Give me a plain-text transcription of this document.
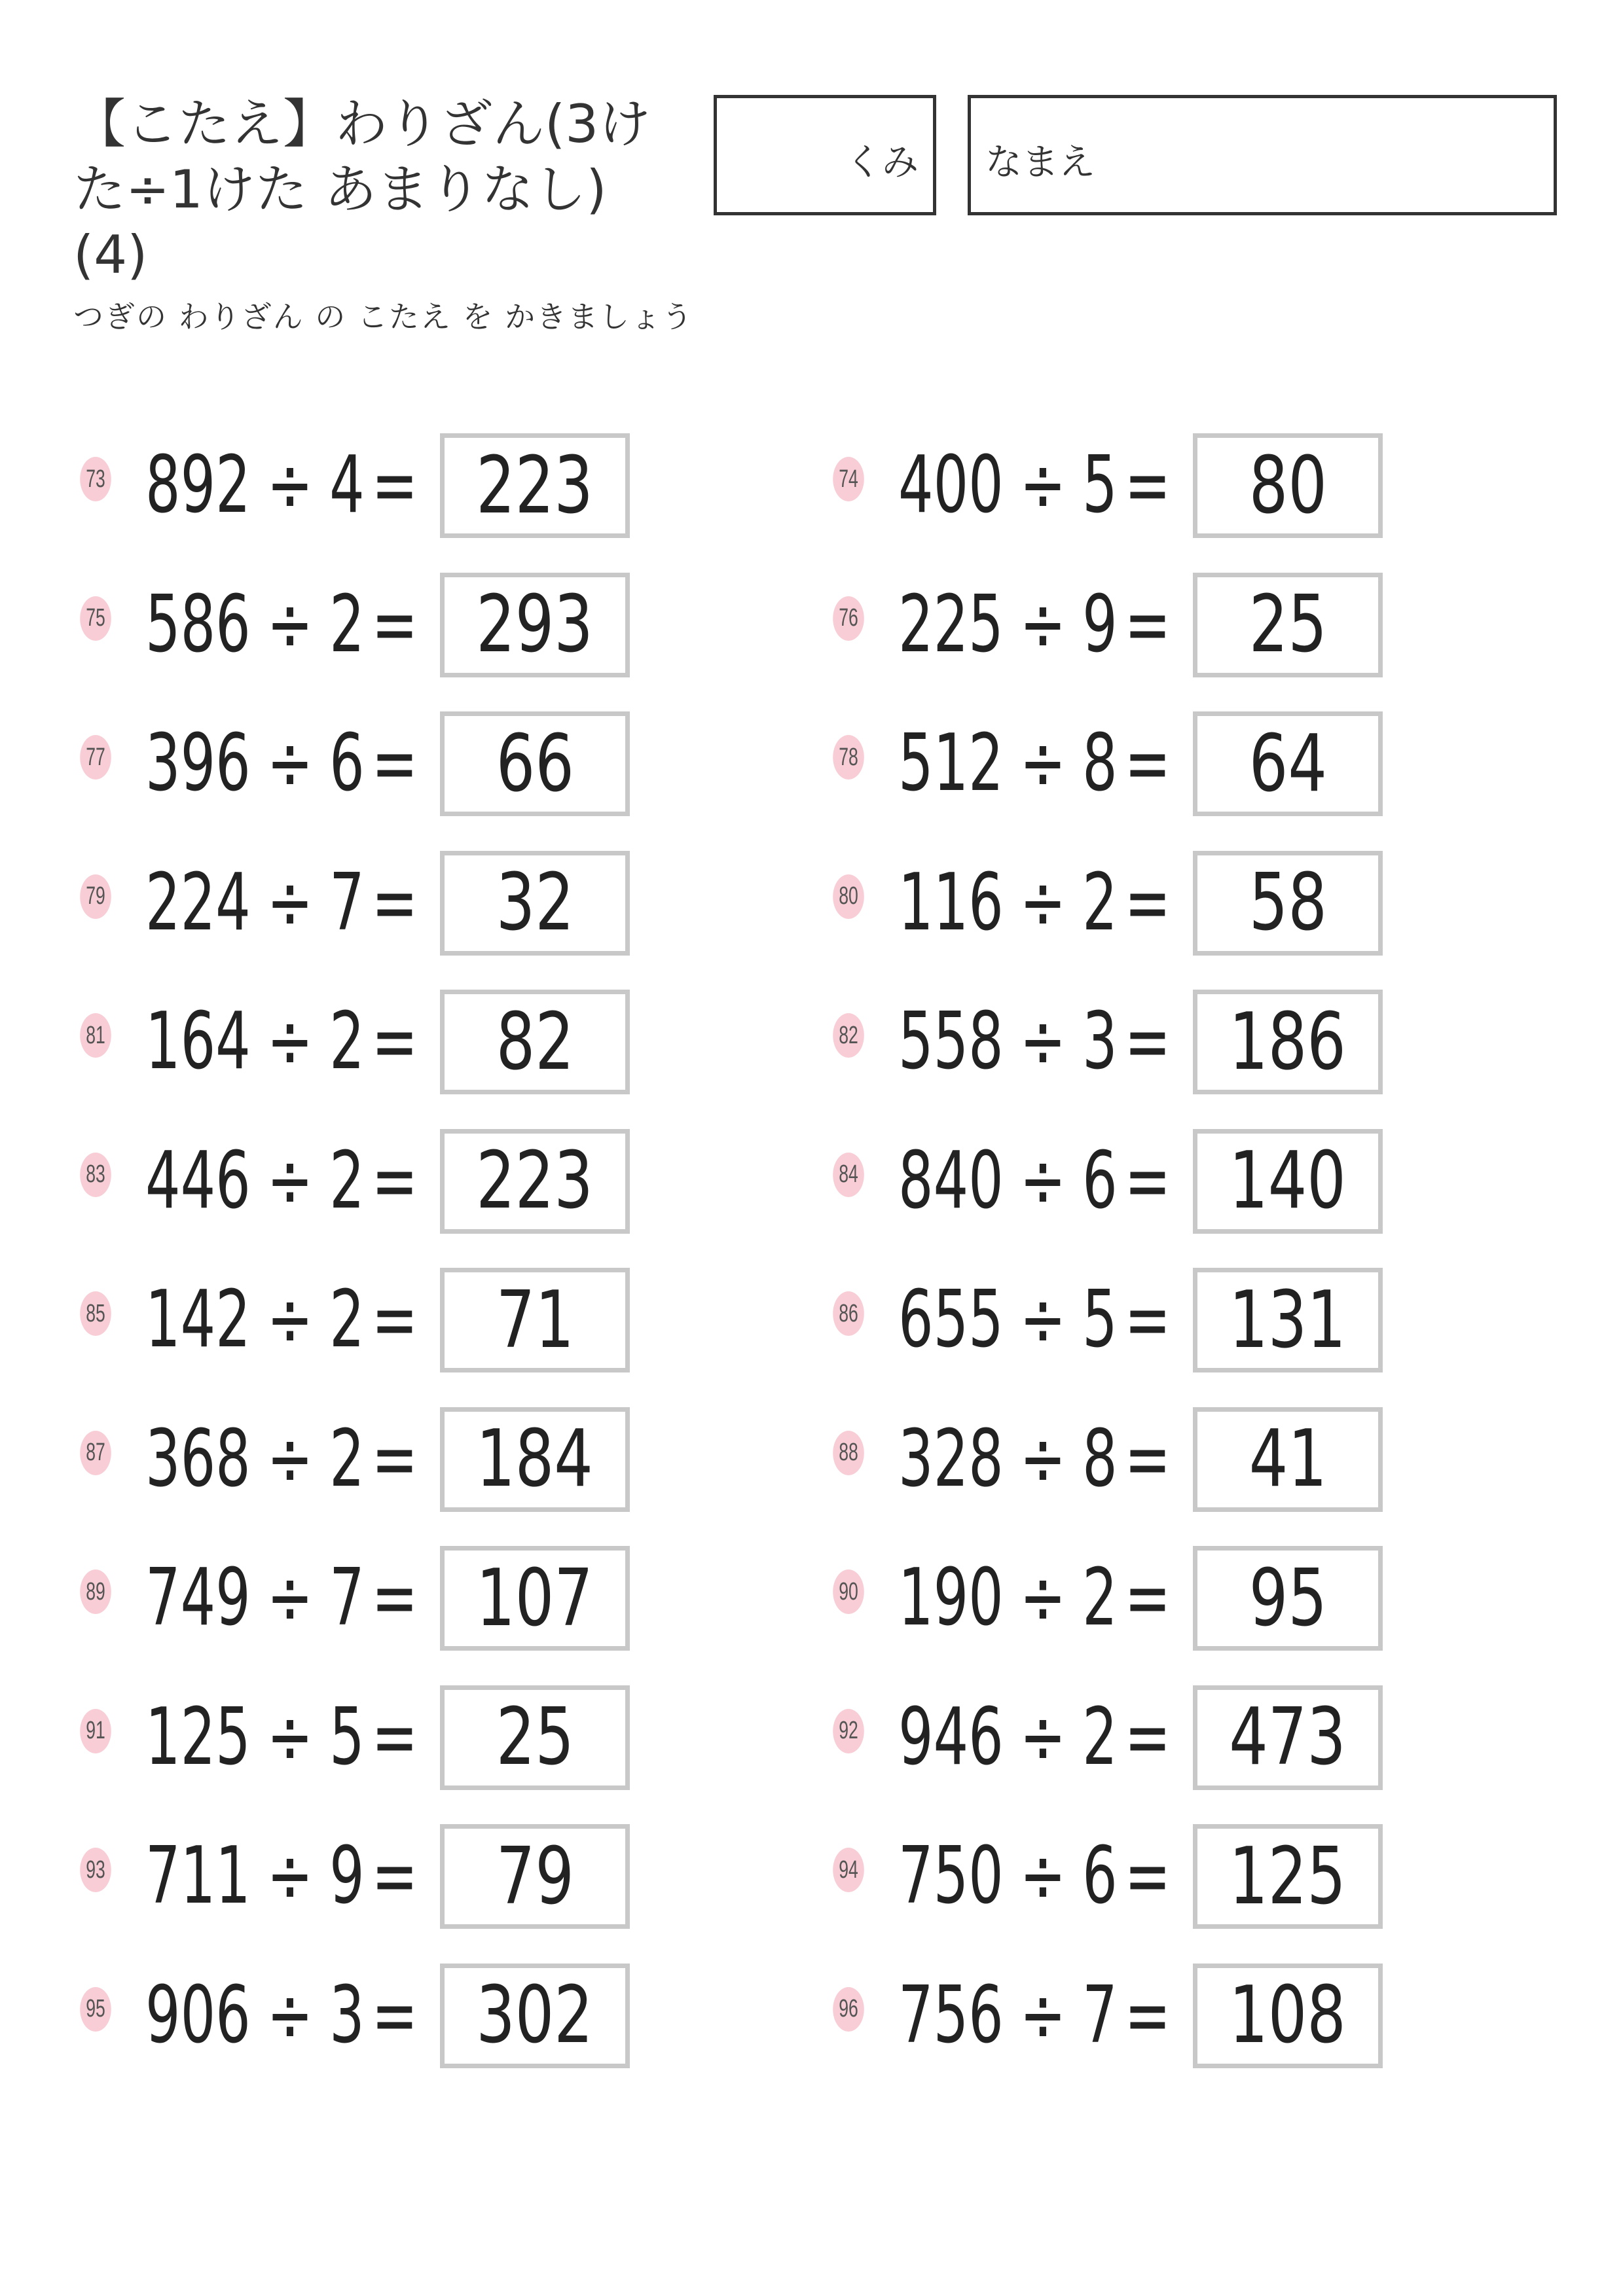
【こたえ】わりざん(3け
た÷1けた あまりなし)
(4)
つぎの わりざん の こたえ を かきましょう
くみ なまえ
73 892 ÷ 4= 223	74 400 ÷ 5= 80
75 586 ÷ 2= 293	76 225 ÷ 9= 25
77 396 ÷ 6= 66	78 512 ÷ 8= 64
79 224 ÷ 7= 32	80 116 ÷ 2= 58
81 164 ÷ 2= 82	82 558 ÷ 3= 186
83 446 ÷ 2= 223	84 840 ÷ 6= 140
85 142 ÷ 2= 71	86 655 ÷ 5= 131
87 368 ÷ 2= 184	88 328 ÷ 8= 41
89 749 ÷ 7= 107	90 190 ÷ 2= 95
91 125 ÷ 5= 25	92 946 ÷ 2= 473
93 711 ÷ 9= 79	94 750 ÷ 6= 125
95 906 ÷ 3= 302	96 756 ÷ 7= 108
